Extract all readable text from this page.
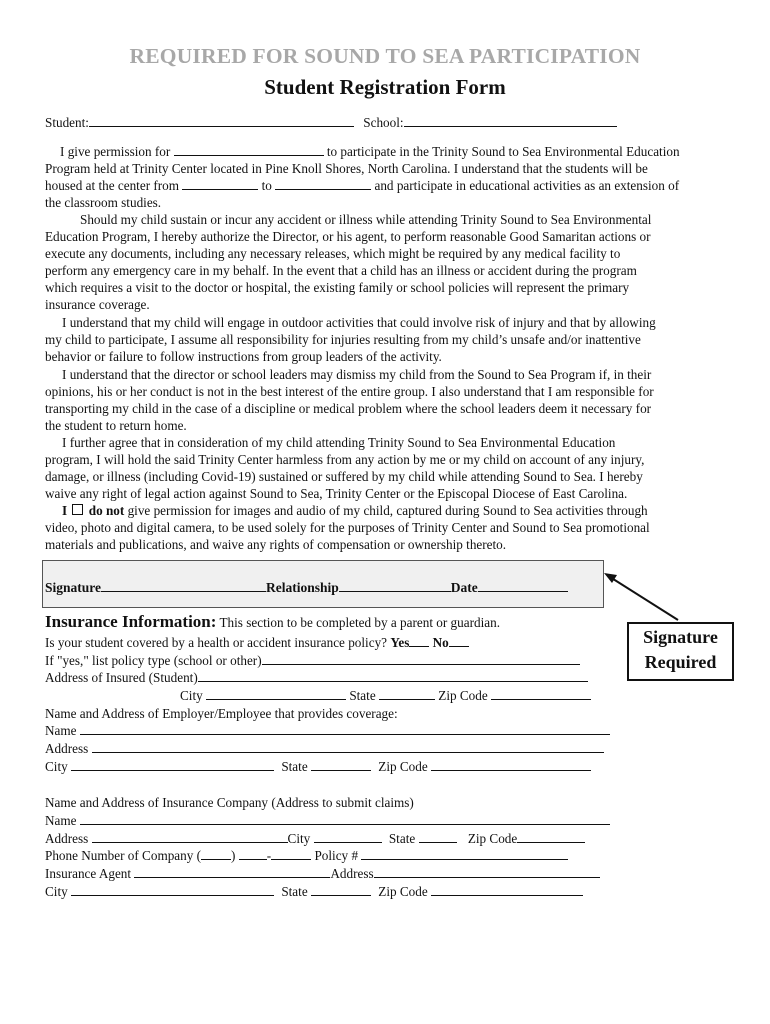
REQUIRED FOR SOUND TO SEA PARTICIPATION
Student Registration Form
Student:	School:
I give permission for	to participate in the Trinity Sound to Sea Environmental Education
Program held at Trinity Center located in Pine Knoll Shores, North Carolina. I understand that the students will be
housed at the center from	to	and participate in educational activities as an extension of
the classroom studies.
Should my child sustain or incur any accident or illness while attending Trinity Sound to Sea Environmental
Education Program, I hereby authorize the Director, or his agent, to perform reasonable Good Samaritan actions or
execute any documents, including any necessary releases, which might be required by any medical facility to
perform any emergency care in my behalf. In the event that a child has an illness or accident during the program
which requires a visit to the doctor or hospital, the existing family or school policies will represent the primary
insurance coverage.
I understand that my child will engage in outdoor activities that could involve risk of injury and that by allowing
my child to participate, I assume all responsibility for injuries resulting from my child’s unsafe and/or inattentive
behavior or failure to follow instructions from group leaders of the activity.
I understand that the director or school leaders may dismiss my child from the Sound to Sea Program if, in their
opinions, his or her conduct is not in the best interest of the entire group. I also understand that I am responsible for
transporting my child in the case of a discipline or medical problem where the school leaders deem it necessary for
the student to return home.
I further agree that in consideration of my child attending Trinity Sound to Sea Environmental Education
program, I will hold the said Trinity Center harmless from any action by me or my child on account of any injury,
damage, or illness (including Covid-19) sustained or suffered by my child while attending Sound to Sea. I hereby
waive any right of legal action against Sound to Sea, Trinity Center or the Episcopal Diocese of East Carolina.
I do not give permission for images and audio of my child, captured during Sound to Sea activities through
video, photo and digital camera, to be used solely for the purposes of Trinity Center and Sound to Sea promotional
materials and publications, and waive any rights of compensation or ownership thereto.
Signature	Relationship	Date
Signature
Required
Insurance Information: This section to be completed by a parent or guardian.
Is your student covered by a health or accident insurance policy? Yes No
If "yes," list policy type (school or other)
Address of Insured (Student)
City	State	Zip Code
Name and Address of Employer/Employee that provides coverage:
Name
Address
City	State	Zip Code
Name and Address of Insurance Company (Address to submit claims)
Name
Address	City	State	Zip Code
Phone Number of Company ( ) -	Policy #
Insurance Agent	Address
City	State	Zip Code
